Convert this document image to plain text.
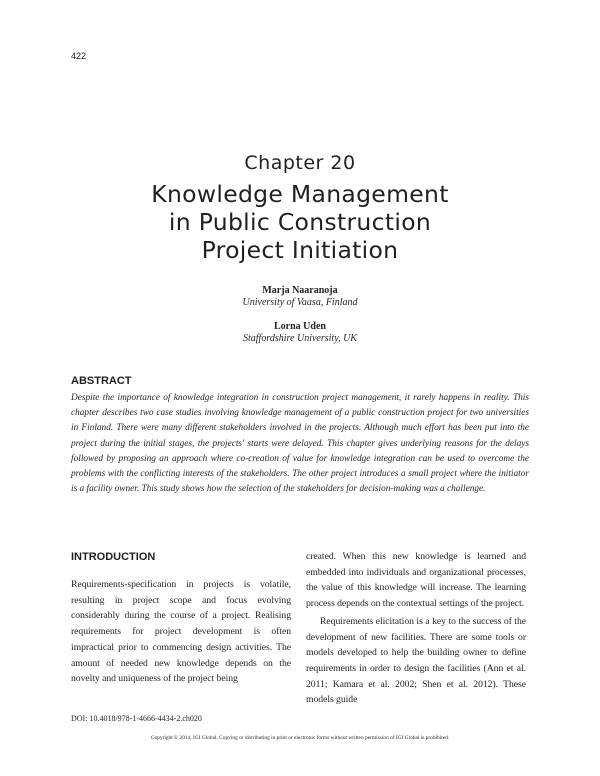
422
Chapter 20
Knowledge Management
in Public Construction
Project Initiation
Marja Naaranoja
University of Vaasa, Finland
Lorna Uden
Staffordshire University, UK
ABSTRACT

Despite the importance of knowledge integration in construction project management, it rarely happens in reality. This chapter describes two case studies involving knowledge management of a public construction project for two universities in Finland. There were many different stakeholders involved in the projects. Although much effort has been put into the project during the initial stages, the projects' starts were delayed. This chapter gives underlying reasons for the delays followed by proposing an approach where co-creation of value for knowledge integration can be used to overcome the problems with the conflicting interests of the stakeholders. The other project introduces a small project where the initiator is a facility owner. This study shows how the selection of the stakeholders for decision-making was a challenge.

INTRODUCTION

Requirements-specification in projects is volatile, resulting in project scope and focus evolving considerably during the course of a project. Realising requirements for project development is often impractical prior to commencing design activities. The amount of needed new knowledge depends on the novelty and uniqueness of the project being

created. When this new knowledge is learned and embedded into individuals and organizational processes, the value of this knowledge will increase. The learning process depends on the contextual settings of the project.

Requirements elicitation is a key to the success of the development of new facilities. There are some tools or models developed to help the building owner to define requirements in order to design the facilities (Ann et al. 2011; Kamara et al. 2002; Shen et al. 2012). These models guide

DOI: 10.4018/978-1-4666-4434-2.ch020
Copyright © 2014, IGI Global. Copying or distributing in print or electronic forms without written permission of IGI Global is prohibited.
